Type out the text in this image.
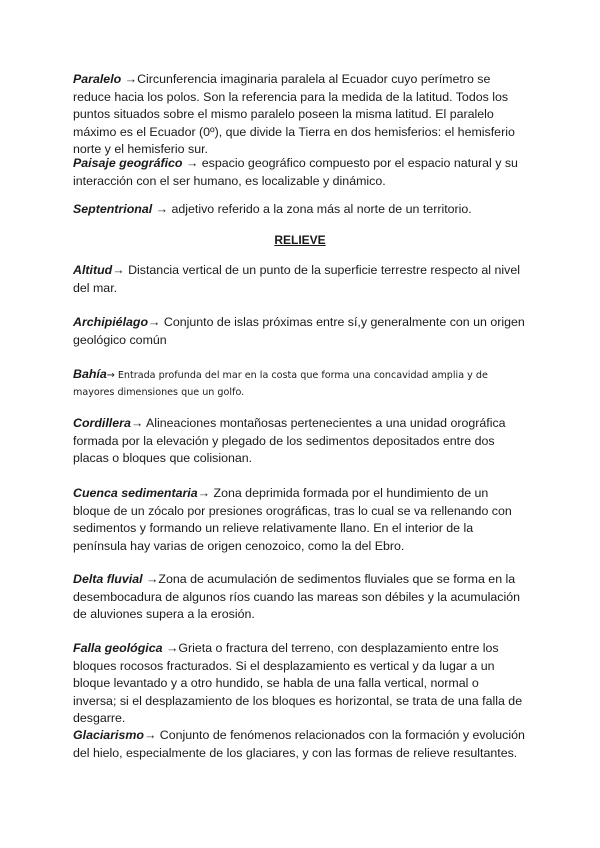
Paralelo →Circunferencia imaginaria paralela al Ecuador cuyo perímetro se reduce hacia los polos. Son la referencia para la medida de la latitud. Todos los puntos situados sobre el mismo paralelo poseen la misma latitud. El paralelo máximo es el Ecuador (0º), que divide la Tierra en dos hemisferios: el hemisferio norte y el hemisferio sur.
Paisaje geográfico → espacio geográfico compuesto por el espacio natural y su interacción con el ser humano, es localizable y dinámico.
Septentrional → adjetivo referido a la zona más al norte de un territorio.
RELIEVE
Altitud→ Distancia vertical de un punto de la superficie terrestre respecto al nivel del mar.
Archipiélago→ Conjunto de islas próximas entre sí,y generalmente con un origen geológico común
Bahía→ Entrada profunda del mar en la costa que forma una concavidad amplia y de mayores dimensiones que un golfo.
Cordillera→ Alineaciones montañosas pertenecientes a una unidad orográfica formada por la elevación y plegado de los sedimentos depositados entre dos placas o bloques que colisionan.
Cuenca sedimentaria→ Zona deprimida formada por el hundimiento de un bloque de un zócalo por presiones orográficas, tras lo cual se va rellenando con sedimentos y formando un relieve relativamente llano. En el interior de la península hay varias de origen cenozoico, como la del Ebro.
Delta fluvial →Zona de acumulación de sedimentos fluviales que se forma en la desembocadura de algunos ríos cuando las mareas son débiles y la acumulación de aluviones supera a la erosión.
Falla geológica →Grieta o fractura del terreno, con desplazamiento entre los bloques rocosos fracturados. Si el desplazamiento es vertical y da lugar a un bloque levantado y a otro hundido, se habla de una falla vertical, normal o inversa; si el desplazamiento de los bloques es horizontal, se trata de una falla de desgarre.
Glaciarismo→ Conjunto de fenómenos relacionados con la formación y evolución del hielo, especialmente de los glaciares, y con las formas de relieve resultantes.
